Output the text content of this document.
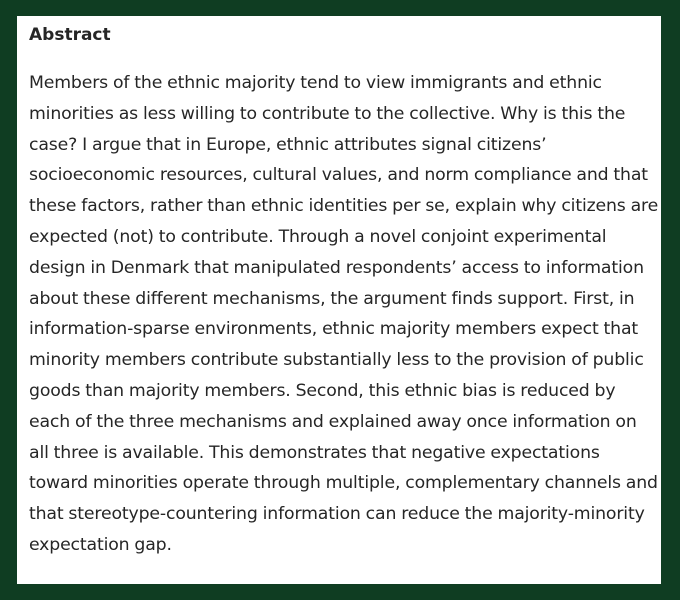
Abstract

Members of the ethnic majority tend to view immigrants and ethnic minorities as less willing to contribute to the collective. Why is this the case? I argue that in Europe, ethnic attributes signal citizens’ socioeconomic resources, cultural values, and norm compliance and that these factors, rather than ethnic identities per se, explain why citizens are expected (not) to contribute. Through a novel conjoint experimental design in Denmark that manipulated respondents’ access to information about these different mechanisms, the argument finds support. First, in information-sparse environments, ethnic majority members expect that minority members contribute substantially less to the provision of public goods than majority members. Second, this ethnic bias is reduced by each of the three mechanisms and explained away once information on all three is available. This demonstrates that negative expectations toward minorities operate through multiple, complementary channels and that stereotype-countering information can reduce the majority-minority expectation gap.
